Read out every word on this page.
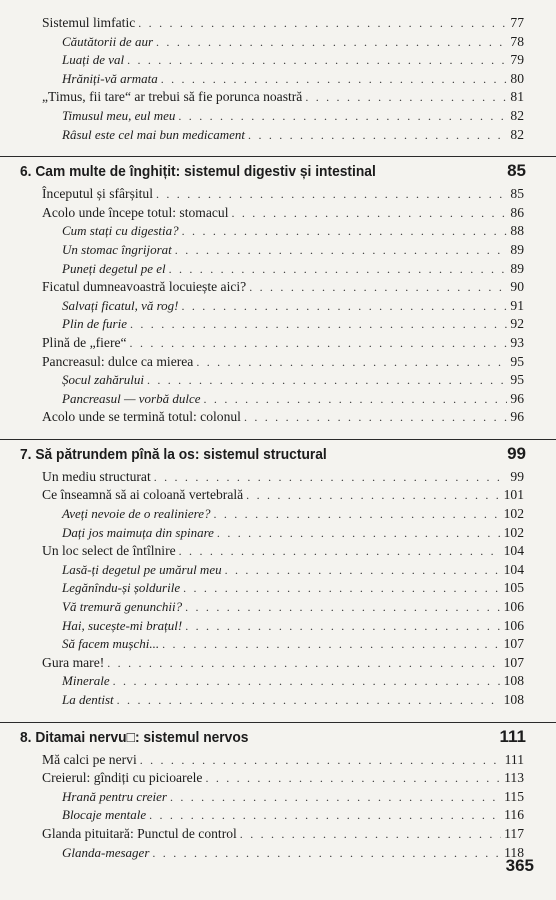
Sistemul limfatic . . .	77
Căutătorii de aur . . .	78
Luați de val . . .	79
Hrăniți-vă armata . . .	80
„Timus, fii tare“ ar trebui să fie porunca noastră . . .	81
Timusul meu, eul meu . . .	82
Râsul este cel mai bun medicament . . .	82
6. Cam multe de înghițit: sistemul digestiv și intestinal	85
Începutul și sfârșitul . . .	85
Acolo unde începe totul: stomacul . . .	86
Cum stați cu digestia? . . .	88
Un stomac îngrijorat . . .	89
Puneți degetul pe el . . .	89
Ficatul dumneavoastră locuiește aici? . . .	90
Salvați ficatul, vă rog! . . .	91
Plin de furie . . .	92
Plină de „fiere“ . . .	93
Pancreasul: dulce ca mierea . . .	95
Șocul zahărului . . .	95
Pancreasul — vorbă dulce . . .	96
Acolo unde se termină totul: colonul . . .	96
7. Să pătrundem pînă la os: sistemul structural	99
Un mediu structurat . . .	99
Ce înseamnă să ai coloană vertebrală . . .	101
Aveți nevoie de o realiniere? . . .	102
Dați jos maimuța din spinare . . .	102
Un loc select de întîlnire . . .	104
Lasă-ți degetul pe umărul meu . . .	104
Legănîndu-și șoldurile . . .	105
Vă tremură genunchii? . . .	106
Hai, sucește-mi brațul! . . .	106
Să facem mușchi... . . .	107
Gura mare! . . .	107
Minerale . . .	108
La dentist . . .	108
8. Ditamai nervu□: sistemul nervos	111
Mă calci pe nervi . . .	111
Creierul: gîndiți cu picioarele . . .	113
Hrană pentru creier . . .	115
Blocaje mentale . . .	116
Glanda pituitară: Punctul de control . . .	117
Glanda-mesager . . .	118
365
